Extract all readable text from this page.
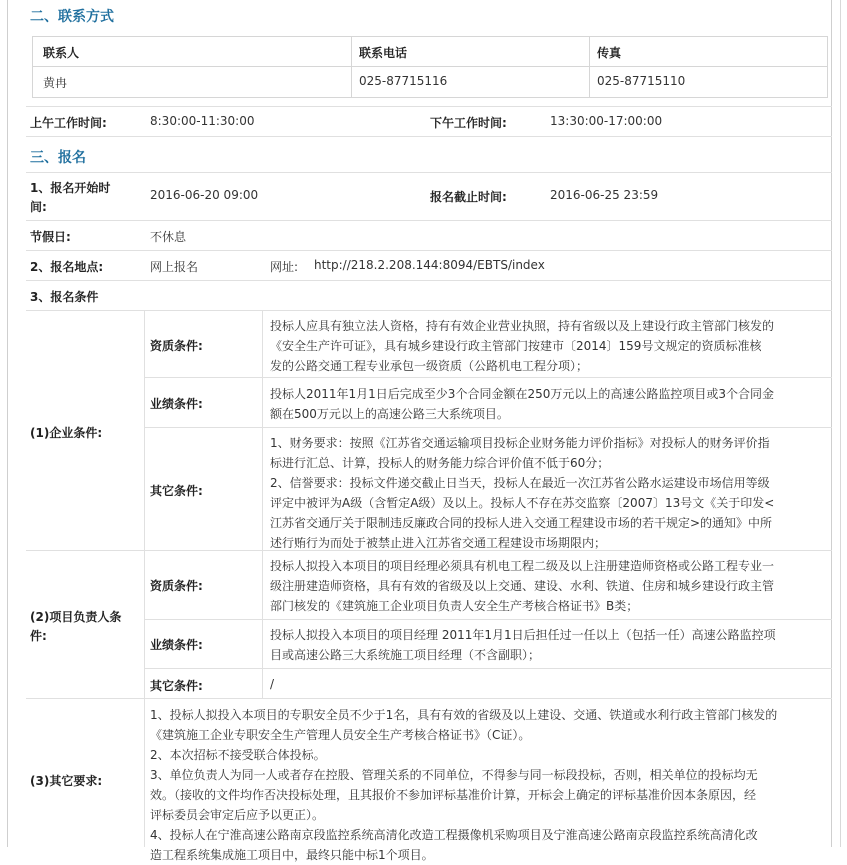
二、联系方式
联系人	联系电话	传真
黄冉	025-87715116	025-87715110
上午工作时间:	8:30:00-11:30:00	下午工作时间:	13:30:00-17:00:00
三、报名
1、报名开始时
间:
2016-06-20 09:00	报名截止时间:	2016-06-25 23:59
节假日:	不休息
2、报名地点:	网上报名	网址: http://218.2.208.144:8094/EBTS/index
3、报名条件
(1)企业条件:
资质条件:
投标人应具有独立法人资格，持有有效企业营业执照，持有省级以及上建设行政主管部门核发的
《安全生产许可证》，具有城乡建设行政主管部门按建市〔2014〕159号文规定的资质标准核
发的公路交通工程专业承包一级资质（公路机电工程分项）；
业绩条件:
投标人2011年1月1日后完成至少3个合同金额在250万元以上的高速公路监控项目或3个合同金
额在500万元以上的高速公路三大系统项目。
其它条件:
1、财务要求：按照《江苏省交通运输项目投标企业财务能力评价指标》对投标人的财务评价指
标进行汇总、计算，投标人的财务能力综合评价值不低于60分；
2、信誉要求：投标文件递交截止日当天，投标人在最近一次江苏省公路水运建设市场信用等级
评定中被评为A级（含暂定A级）及以上。投标人不存在苏交监察〔2007〕13号文《关于印发<
江苏省交通厅关于限制违反廉政合同的投标人进入交通工程建设市场的若干规定>的通知》中所
述行贿行为而处于被禁止进入江苏省交通工程建设市场期限内；
(2)项目负责人条
件:
资质条件:
投标人拟投入本项目的项目经理必须具有机电工程二级及以上注册建造师资格或公路工程专业一
级注册建造师资格，具有有效的省级及以上交通、建设、水利、铁道、住房和城乡建设行政主管
部门核发的《建筑施工企业项目负责人安全生产考核合格证书》B类；
业绩条件:
投标人拟投入本项目的项目经理 2011年1月1日后担任过一任以上（包括一任）高速公路监控项
目或高速公路三大系统施工项目经理（不含副职）；
其它条件:	/
(3)其它要求:
1、投标人拟投入本项目的专职安全员不少于1名，具有有效的省级及以上建设、交通、铁道或水利行政主管部门核发的
《建筑施工企业专职安全生产管理人员安全生产考核合格证书》（C证）。
2、本次招标不接受联合体投标。
3、单位负责人为同一人或者存在控股、管理关系的不同单位，不得参与同一标段投标，否则，相关单位的投标均无
效。（接收的文件均作否决投标处理，且其报价不参加评标基准价计算，开标会上确定的评标基准价因本条原因，经
评标委员会审定后应予以更正）。
4、投标人在宁淮高速公路南京段监控系统高清化改造工程摄像机采购项目及宁淮高速公路南京段监控系统高清化改
造工程系统集成施工项目中，最终只能中标1个项目。
